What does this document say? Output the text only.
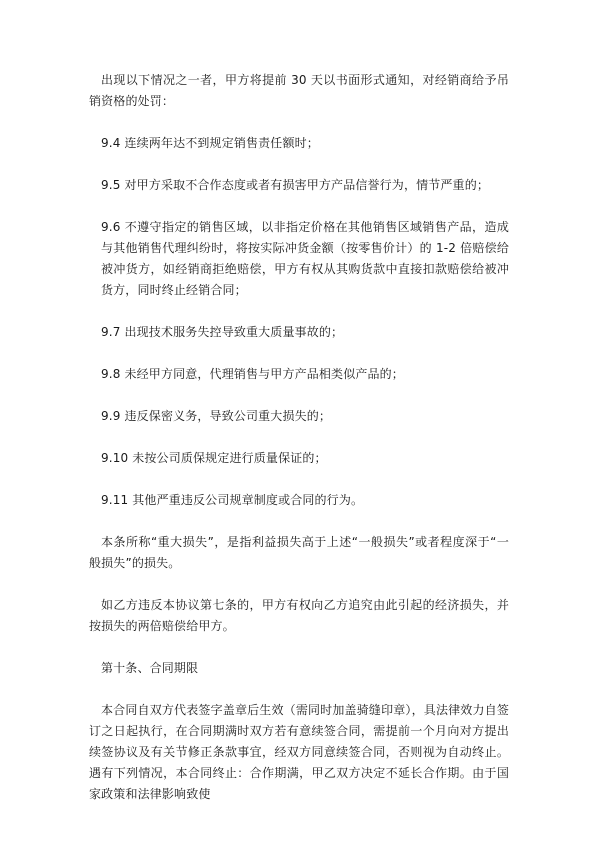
出现以下情况之一者，甲方将提前 30 天以书面形式通知，对经销商给予吊销资格的处罚：

9.4 连续两年达不到规定销售责任额时；

9.5 对甲方采取不合作态度或者有损害甲方产品信誉行为，情节严重的；

9.6 不遵守指定的销售区域，以非指定价格在其他销售区域销售产品，造成与其他销售代理纠纷时，将按实际冲货金额（按零售价计）的 1-2 倍赔偿给被冲货方，如经销商拒绝赔偿，甲方有权从其购货款中直接扣款赔偿给被冲货方，同时终止经销合同；

9.7 出现技术服务失控导致重大质量事故的；

9.8 未经甲方同意，代理销售与甲方产品相类似产品的；

9.9 违反保密义务，导致公司重大损失的；

9.10 未按公司质保规定进行质量保证的；

9.11 其他严重违反公司规章制度或合同的行为。

本条所称“重大损失”，是指利益损失高于上述“一般损失”或者程度深于“一般损失”的损失。

如乙方违反本协议第七条的，甲方有权向乙方追究由此引起的经济损失，并按损失的两倍赔偿给甲方。

第十条、合同期限

本合同自双方代表签字盖章后生效（需同时加盖骑缝印章），具法律效力自签订之日起执行，在合同期满时双方若有意续签合同，需提前一个月向对方提出续签协议及有关节修正条款事宜，经双方同意续签合同，否则视为自动终止。遇有下列情况，本合同终止：合作期满，甲乙双方决定不延长合作期。由于国家政策和法律影响致使
